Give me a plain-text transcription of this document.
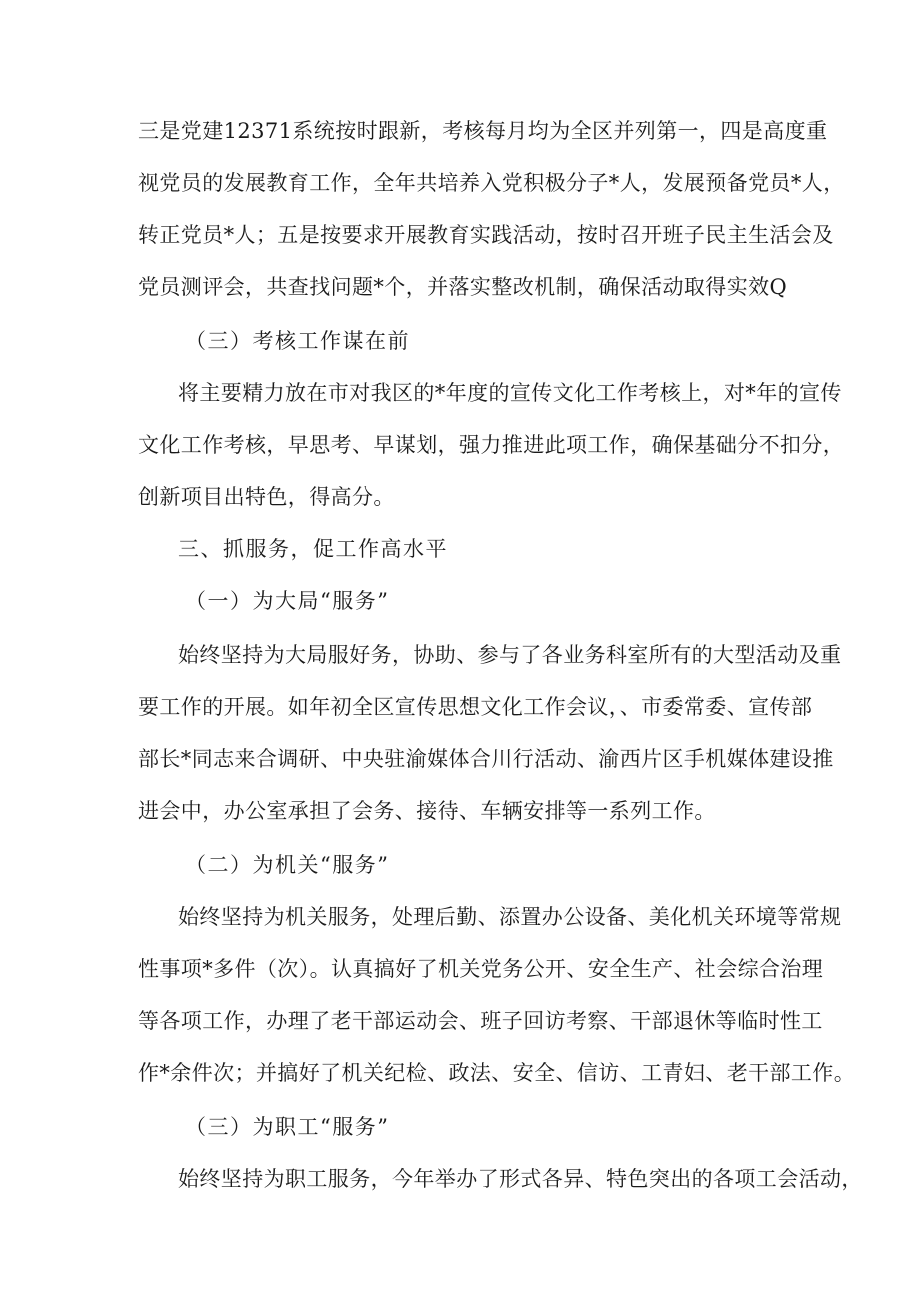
三是党建12371系统按时跟新，考核每月均为全区并列第一，四是高度重
视党员的发展教育工作，全年共培养入党积极分子*人，发展预备党员*人，
转正党员*人；五是按要求开展教育实践活动，按时召开班子民主生活会及
党员测评会，共查找问题*个，并落实整改机制，确保活动取得实效Q
（三）考核工作谋在前
将主要精力放在市对我区的*年度的宣传文化工作考核上，对*年的宣传
文化工作考核，早思考、早谋划，强力推进此项工作，确保基础分不扣分，
创新项目出特色，得高分。
三、抓服务，促工作高水平
（一）为大局“服务”
始终坚持为大局服好务，协助、参与了各业务科室所有的大型活动及重
要工作的开展。如年初全区宣传思想文化工作会议，、市委常委、宣传部
部长*同志来合调研、中央驻渝媒体合川行活动、渝西片区手机媒体建设推
进会中，办公室承担了会务、接待、车辆安排等一系列工作。
（二）为机关“服务”
始终坚持为机关服务，处理后勤、添置办公设备、美化机关环境等常规
性事项*多件（次）。认真搞好了机关党务公开、安全生产、社会综合治理
等各项工作，办理了老干部运动会、班子回访考察、干部退休等临时性工
作*余件次；并搞好了机关纪检、政法、安全、信访、工青妇、老干部工作。
（三）为职工“服务”
始终坚持为职工服务，今年举办了形式各异、特色突出的各项工会活动，
